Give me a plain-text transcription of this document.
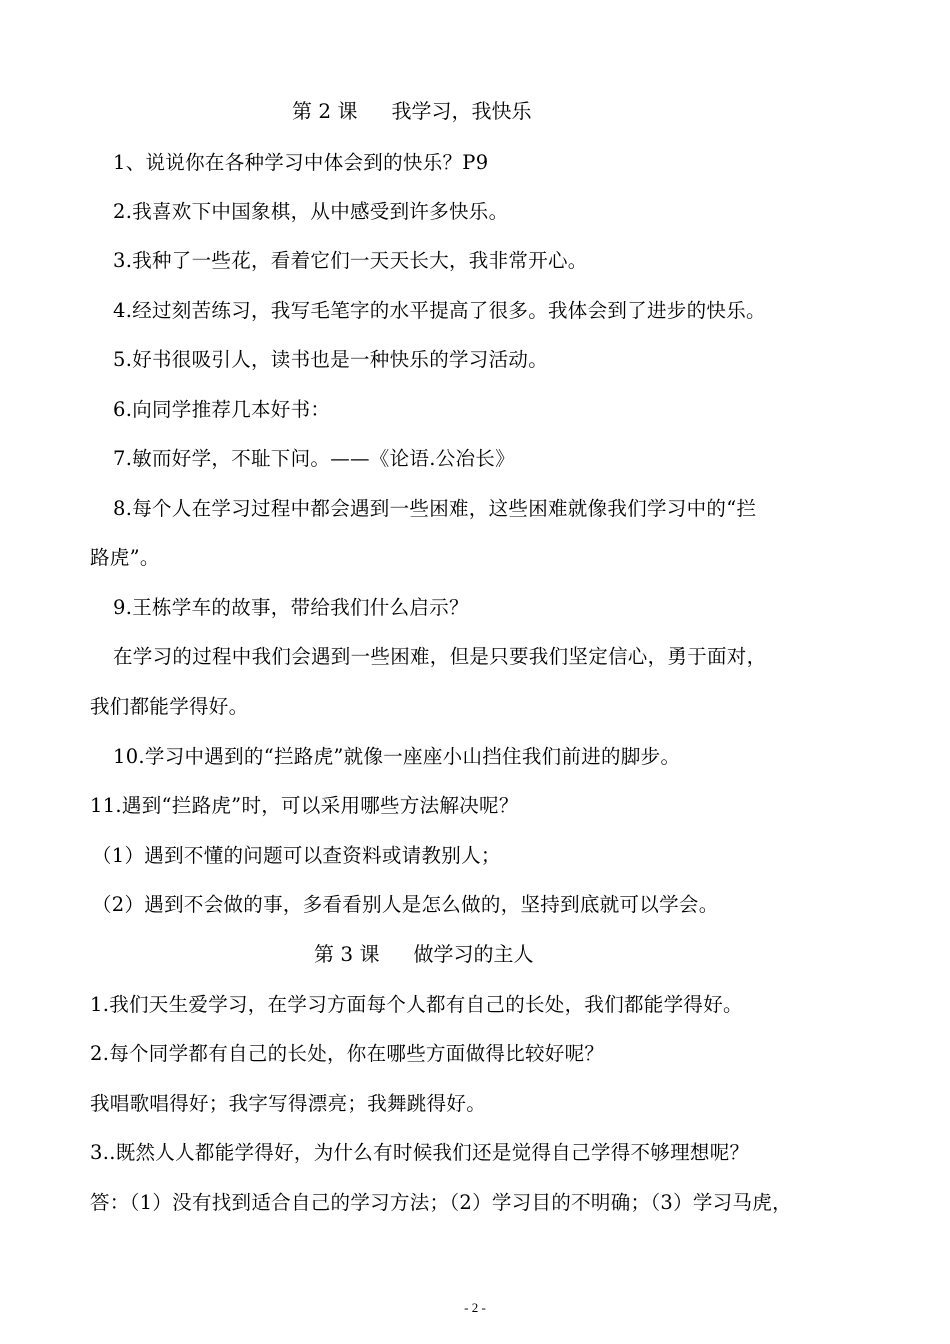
第 2 课 我学习，我快乐
1、说说你在各种学习中体会到的快乐？P9
2.我喜欢下中国象棋，从中感受到许多快乐。
3.我种了一些花，看着它们一天天长大，我非常开心。
4.经过刻苦练习，我写毛笔字的水平提高了很多。我体会到了进步的快乐。
5.好书很吸引人，读书也是一种快乐的学习活动。
6.向同学推荐几本好书：
7.敏而好学，不耻下问。——《论语.公冶长》
8.每个人在学习过程中都会遇到一些困难，这些困难就像我们学习中的“拦
路虎”。
9.王栋学车的故事，带给我们什么启示？
在学习的过程中我们会遇到一些困难，但是只要我们坚定信心，勇于面对，
我们都能学得好。
10.学习中遇到的“拦路虎”就像一座座小山挡住我们前进的脚步。
11.遇到“拦路虎”时，可以采用哪些方法解决呢？
（1）遇到不懂的问题可以查资料或请教别人；
（2）遇到不会做的事，多看看别人是怎么做的，坚持到底就可以学会。
第 3 课 做学习的主人
1.我们天生爱学习，在学习方面每个人都有自己的长处，我们都能学得好。
2.每个同学都有自己的长处，你在哪些方面做得比较好呢？
我唱歌唱得好；我字写得漂亮；我舞跳得好。
3..既然人人都能学得好，为什么有时候我们还是觉得自己学得不够理想呢？
答：（1）没有找到适合自己的学习方法；（2）学习目的不明确；（3）学习马虎，
- 2 -
